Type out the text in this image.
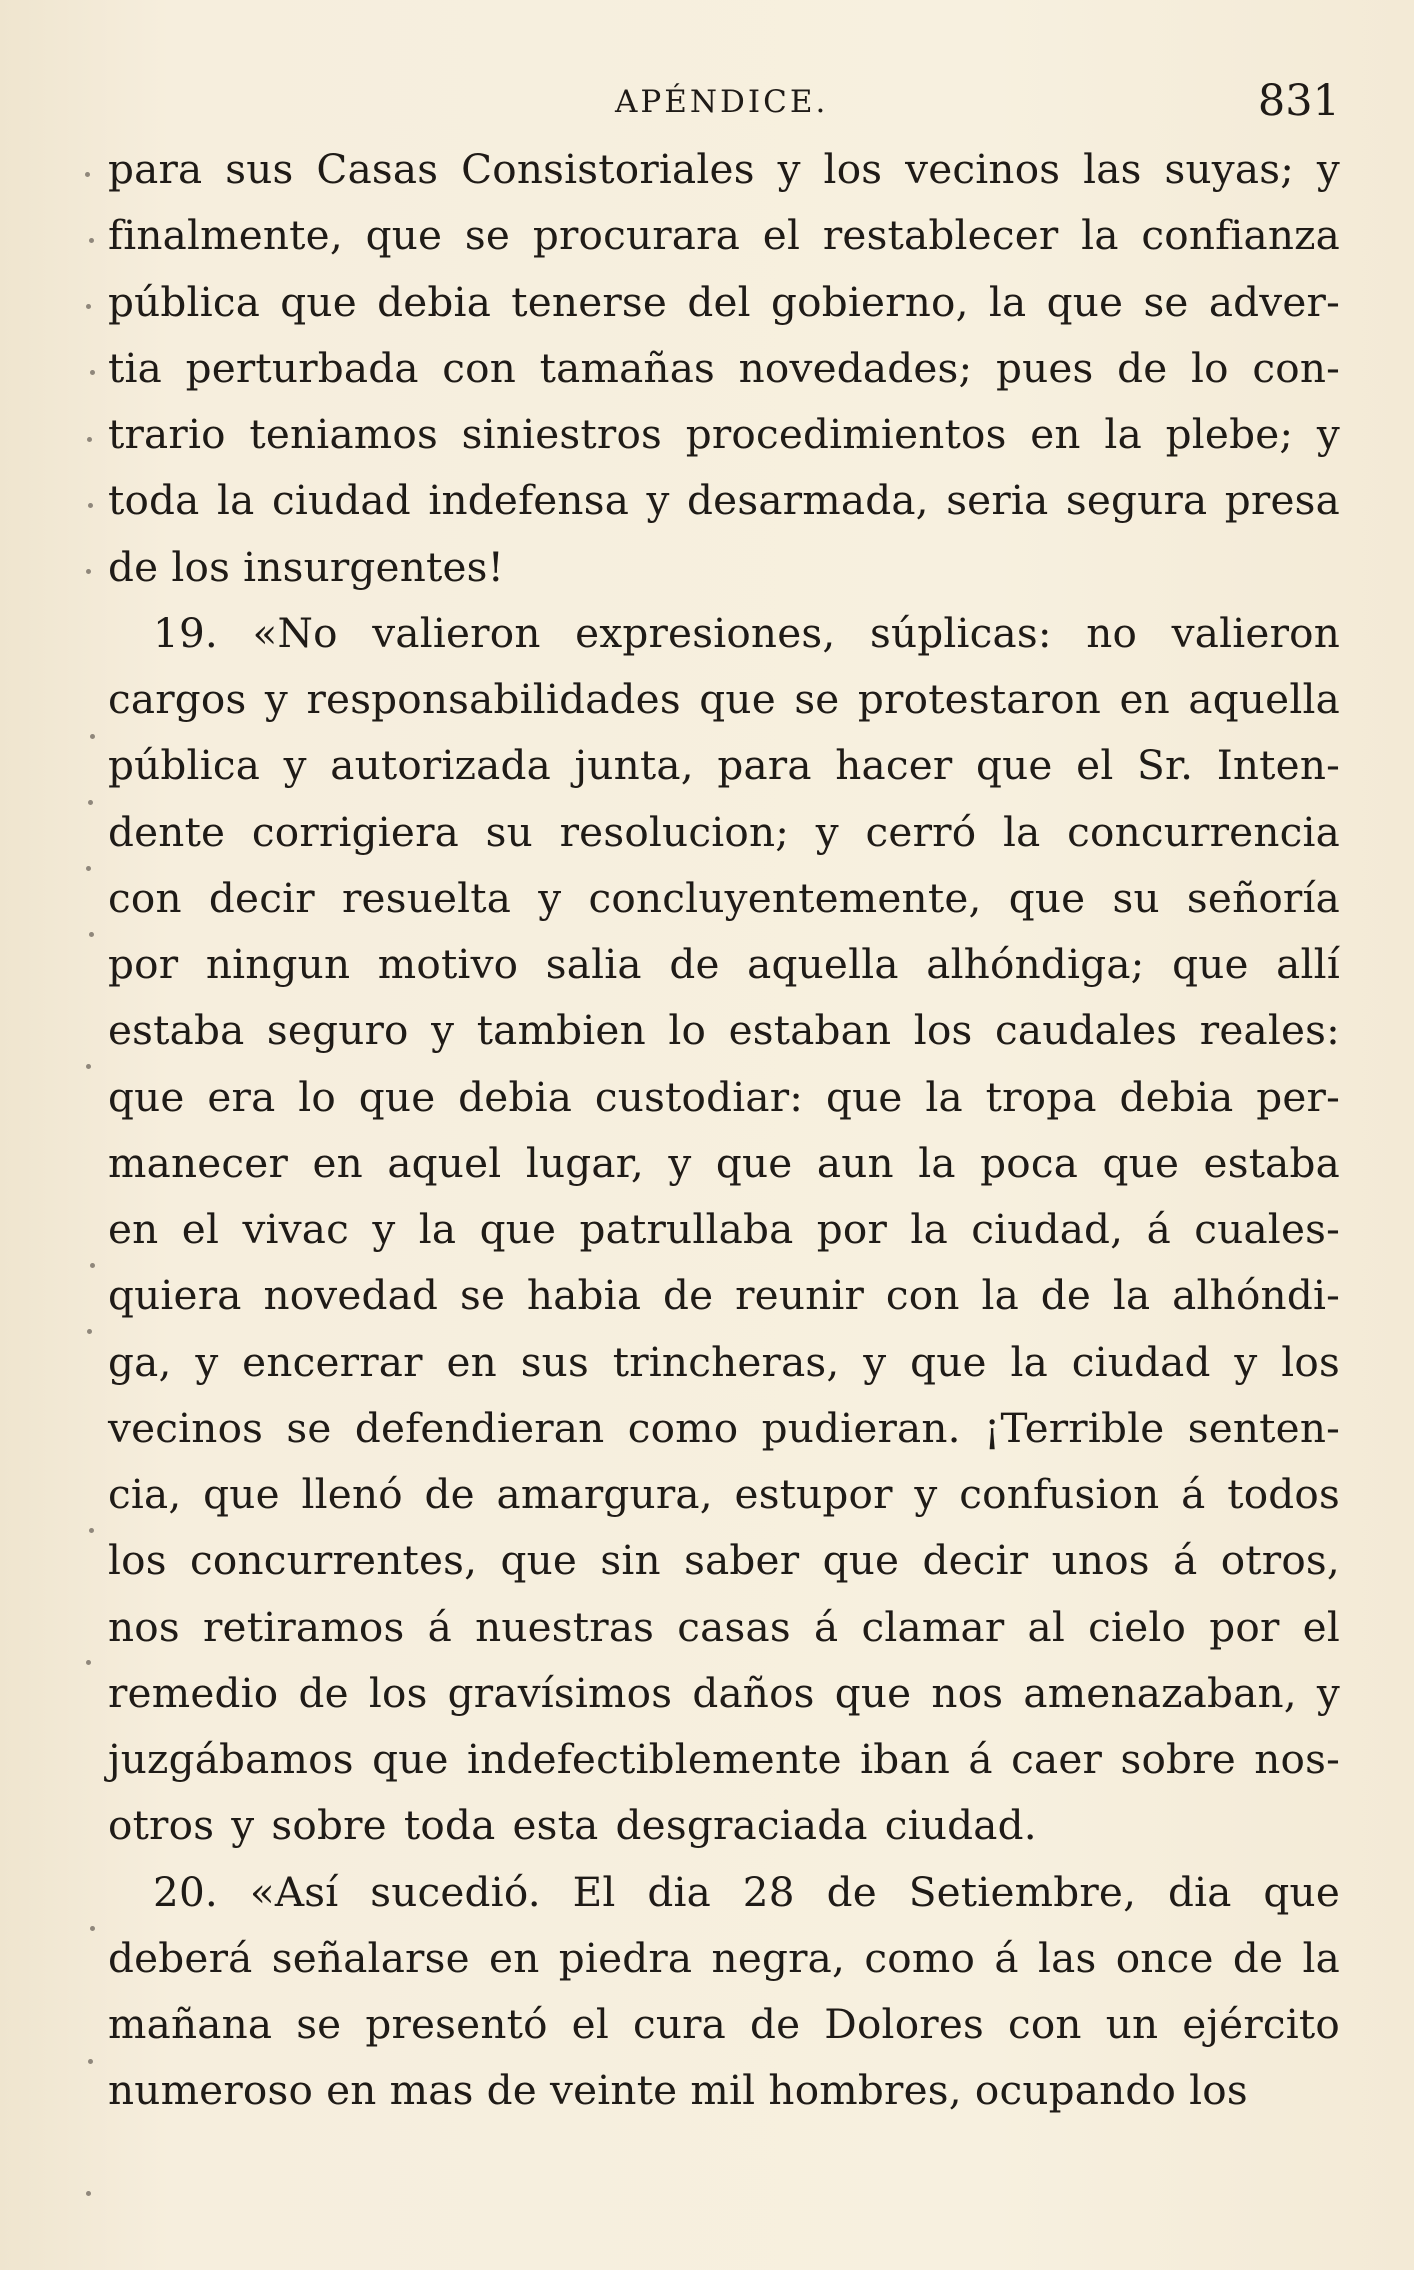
APÉNDICE.	831
para sus Casas Consistoriales y los vecinos las suyas; y
finalmente, que se procurara el restablecer la confianza
pública que debia tenerse del gobierno, la que se adver-
tia perturbada con tamañas novedades; pues de lo con-
trario teniamos siniestros procedimientos en la plebe; y
toda la ciudad indefensa y desarmada, seria segura presa
de los insurgentes!
19. «No valieron expresiones, súplicas: no valieron
cargos y responsabilidades que se protestaron en aquella
pública y autorizada junta, para hacer que el Sr. Inten-
dente corrigiera su resolucion; y cerró la concurrencia
con decir resuelta y concluyentemente, que su señoría
por ningun motivo salia de aquella alhóndiga; que allí
estaba seguro y tambien lo estaban los caudales reales:
que era lo que debia custodiar: que la tropa debia per-
manecer en aquel lugar, y que aun la poca que estaba
en el vivac y la que patrullaba por la ciudad, á cuales-
quiera novedad se habia de reunir con la de la alhóndi-
ga, y encerrar en sus trincheras, y que la ciudad y los
vecinos se defendieran como pudieran. ¡Terrible senten-
cia, que llenó de amargura, estupor y confusion á todos
los concurrentes, que sin saber que decir unos á otros,
nos retiramos á nuestras casas á clamar al cielo por el
remedio de los gravísimos daños que nos amenazaban, y
juzgábamos que indefectiblemente iban á caer sobre nos-
otros y sobre toda esta desgraciada ciudad.
20. «Así sucedió. El dia 28 de Setiembre, dia que
deberá señalarse en piedra negra, como á las once de la
mañana se presentó el cura de Dolores con un ejército
numeroso en mas de veinte mil hombres, ocupando los
